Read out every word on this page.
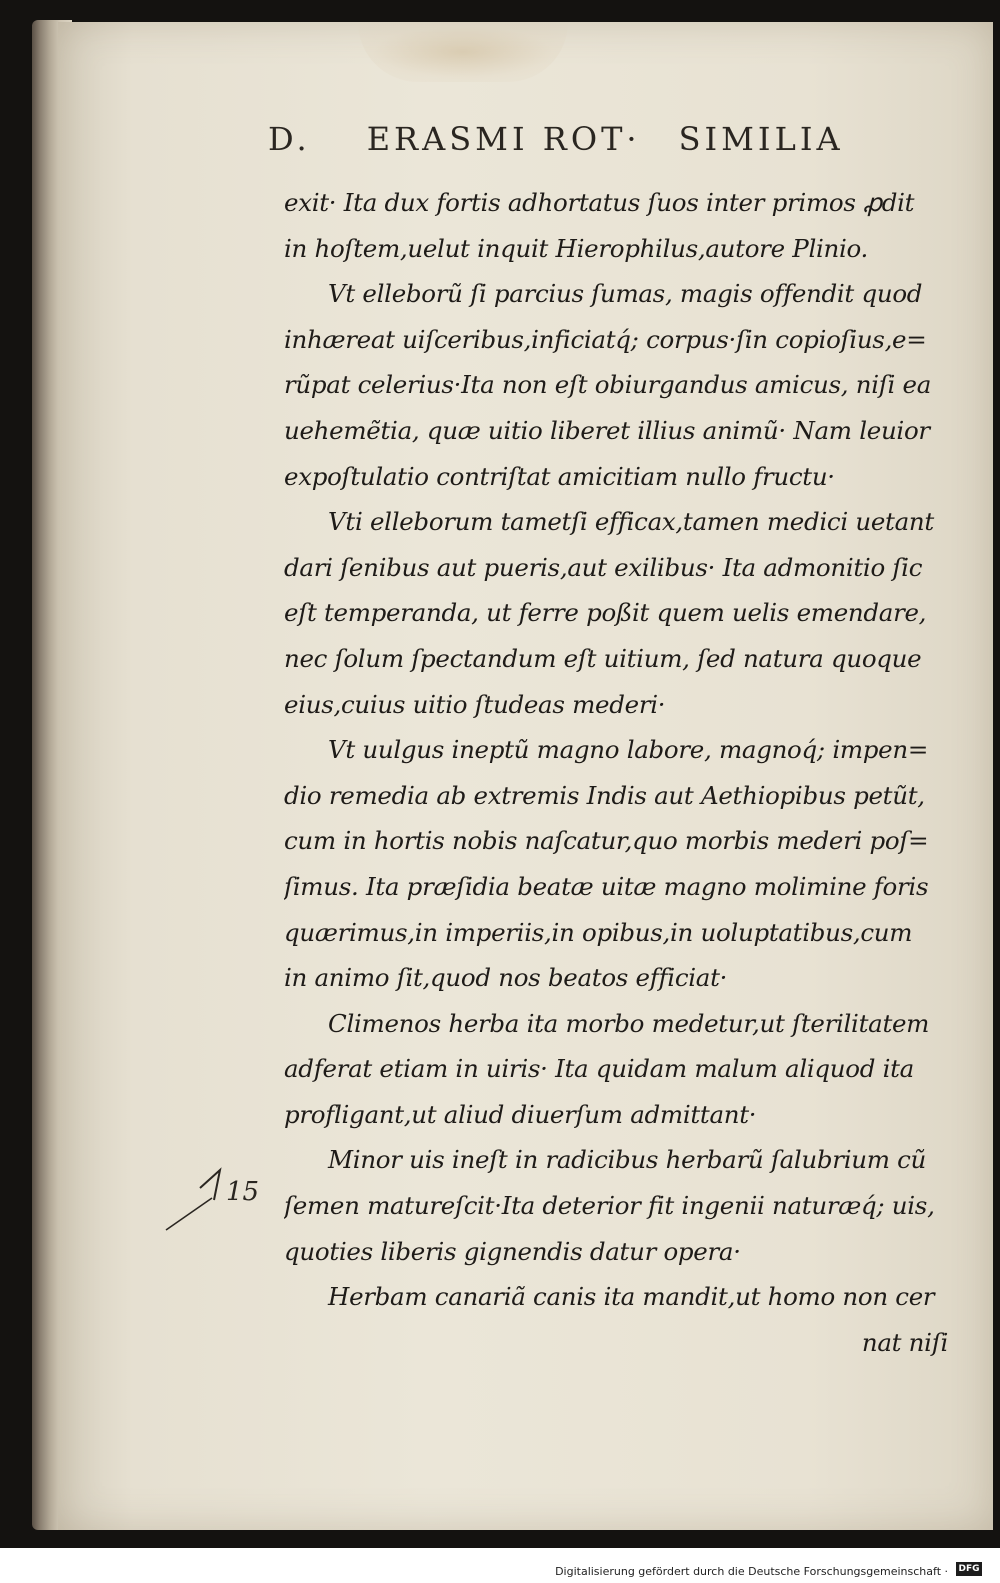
D. ERASMI ROT· SIMILIA
exit· Ita dux fortis adhortatus ſuos inter primos ꝓdit
in hoſtem,uelut inquit Hierophilus,autore Plinio.
Vt elleborũ ſi parcius ſumas, magis offendit quod
inhæreat uiſceribus,inficiatq́; corpus·ſin copioſius,e=
rũpat celerius·Ita non eſt obiurgandus amicus, niſi ea
uehemẽtia, quæ uitio liberet illius animũ· Nam leuior
expoſtulatio contriſtat amicitiam nullo fructu·
Vti elleborum tametſi efficax,tamen medici uetant
dari ſenibus aut pueris,aut exilibus· Ita admonitio ſic
eſt temperanda, ut ferre poßit quem uelis emendare,
nec ſolum ſpectandum eſt uitium, ſed natura quoque
eius,cuius uitio ſtudeas mederi·
Vt uulgus ineptũ magno labore, magnoq́; impen=
dio remedia ab extremis Indis aut Aethiopibus petũt,
cum in hortis nobis naſcatur,quo morbis mederi poſ=
ſimus. Ita præſidia beatæ uitæ magno molimine foris
quærimus,in imperiis,in opibus,in uoluptatibus,cum
in animo ſit,quod nos beatos efficiat·
Climenos herba ita morbo medetur,ut ſterilitatem
adferat etiam in uiris· Ita quidam malum aliquod ita
profligant,ut aliud diuerſum admittant·
Minor uis ineſt in radicibus herbarũ ſalubrium cũ
ſemen matureſcit·Ita deterior fit ingenii naturæq́; uis,
quoties liberis gignendis datur opera·
Herbam canariã canis ita mandit,ut homo non cer
nat niſi
15
Digitalisierung gefördert durch die Deutsche Forschungsgemeinschaft · DFG
